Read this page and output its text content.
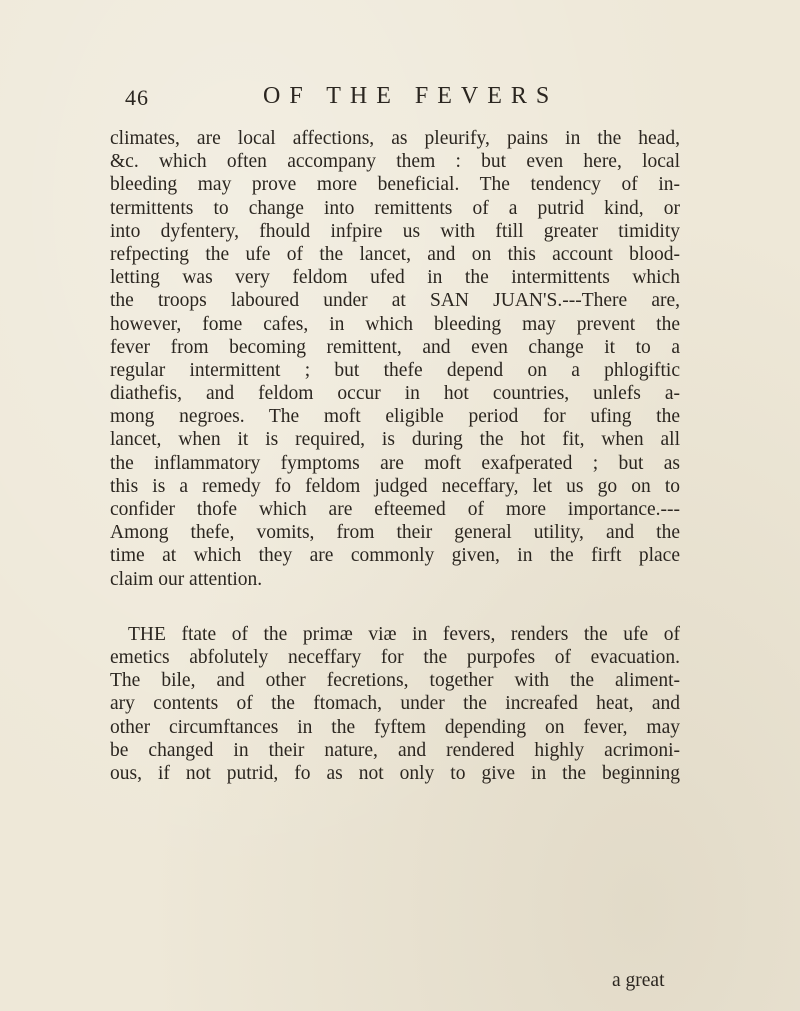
46	OF THE FEVERS
climates, are local affections, as pleurify, pains in the head,
&c. which often accompany them : but even here, local
bleeding may prove more beneficial. The tendency of in-
termittents to change into remittents of a putrid kind, or
into dyfentery, fhould infpire us with ftill greater timidity
refpecting the ufe of the lancet, and on this account blood-
letting was very feldom ufed in the intermittents which
the troops laboured under at SAN JUAN'S.---There are,
however, fome cafes, in which bleeding may prevent the
fever from becoming remittent, and even change it to a
regular intermittent ; but thefe depend on a phlogiftic
diathefis, and feldom occur in hot countries, unlefs a-
mong negroes. The moft eligible period for ufing the
lancet, when it is required, is during the hot fit, when all
the inflammatory fymptoms are moft exafperated ; but as
this is a remedy fo feldom judged neceffary, let us go on to
confider thofe which are efteemed of more importance.---
Among thefe, vomits, from their general utility, and the
time at which they are commonly given, in the firft place
claim our attention.
THE ftate of the primæ viæ in fevers, renders the ufe of
emetics abfolutely neceffary for the purpofes of evacuation.
The bile, and other fecretions, together with the aliment-
ary contents of the ftomach, under the increafed heat, and
other circumftances in the fyftem depending on fever, may
be changed in their nature, and rendered highly acrimoni-
ous, if not putrid, fo as not only to give in the beginning
a great
